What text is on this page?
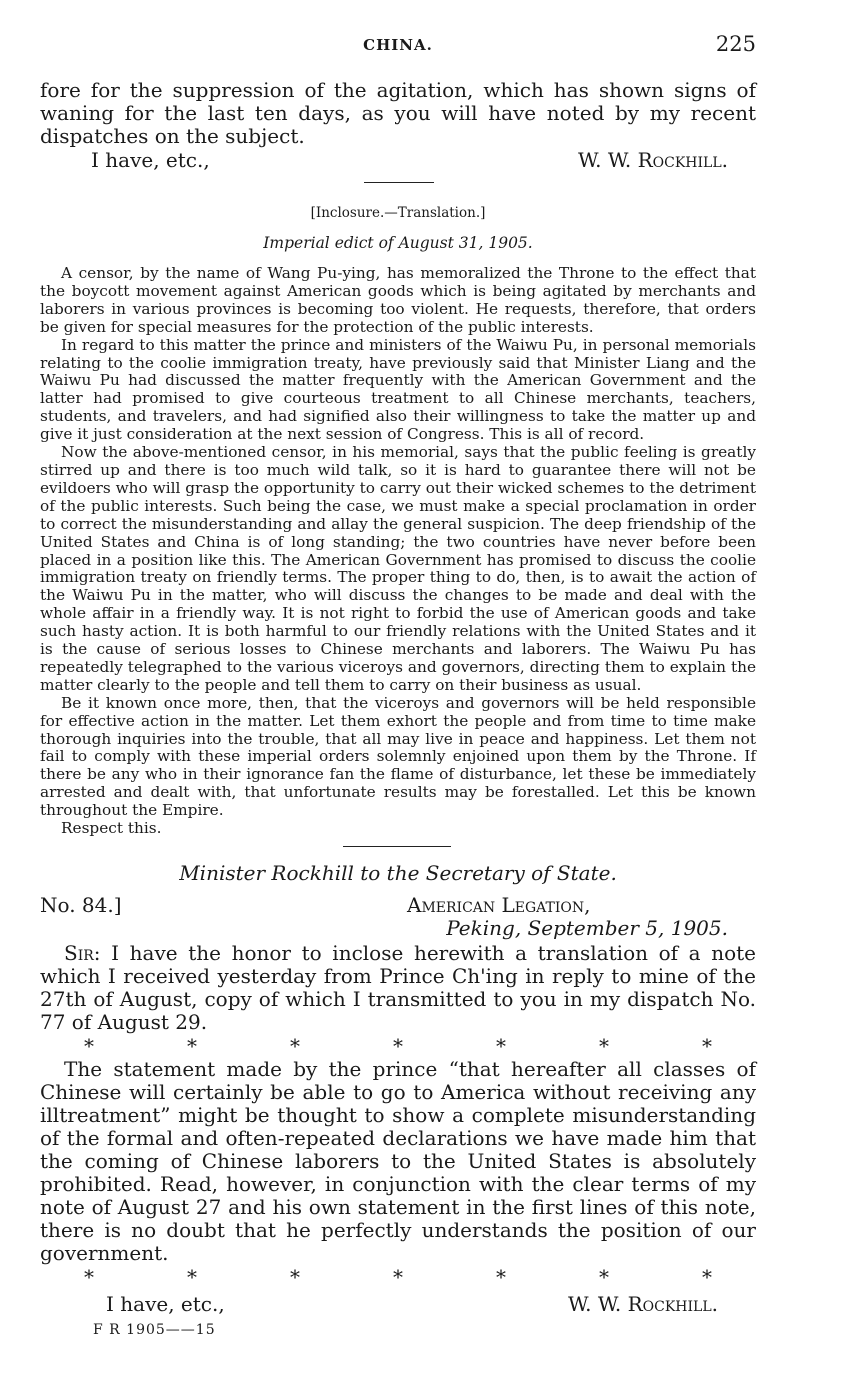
CHINA.	225

fore for the suppression of the agitation, which has shown signs of waning for the last ten days, as you will have noted by my recent dispatches on the subject.

I have, etc.,	W. W. Rockhill.
[Inclosure.—Translation.]
Imperial edict of August 31, 1905.

A censor, by the name of Wang Pu-ying, has memoralized the Throne to the effect that the boycott movement against American goods which is being agitated by merchants and laborers in various provinces is becoming too violent. He requests, therefore, that orders be given for special measures for the protection of the public interests.

In regard to this matter the prince and ministers of the Waiwu Pu, in personal memorials relating to the coolie immigration treaty, have previously said that Minister Liang and the Waiwu Pu had discussed the matter frequently with the American Government and the latter had promised to give courteous treatment to all Chinese merchants, teachers, students, and travelers, and had signified also their willingness to take the matter up and give it just consideration at the next session of Congress. This is all of record.

Now the above-mentioned censor, in his memorial, says that the public feeling is greatly stirred up and there is too much wild talk, so it is hard to guarantee there will not be evildoers who will grasp the opportunity to carry out their wicked schemes to the detriment of the public interests. Such being the case, we must make a special proclamation in order to correct the misunderstanding and allay the general suspicion. The deep friendship of the United States and China is of long standing; the two countries have never before been placed in a position like this. The American Government has promised to discuss the coolie immigration treaty on friendly terms. The proper thing to do, then, is to await the action of the Waiwu Pu in the matter, who will discuss the changes to be made and deal with the whole affair in a friendly way. It is not right to forbid the use of American goods and take such hasty action. It is both harmful to our friendly relations with the United States and it is the cause of serious losses to Chinese merchants and laborers. The Waiwu Pu has repeatedly telegraphed to the various viceroys and governors, directing them to explain the matter clearly to the people and tell them to carry on their business as usual.

Be it known once more, then, that the viceroys and governors will be held responsible for effective action in the matter. Let them exhort the people and from time to time make thorough inquiries into the trouble, that all may live in peace and happiness. Let them not fail to comply with these imperial orders solemnly enjoined upon them by the Throne. If there be any who in their ignorance fan the flame of disturbance, let these be immediately arrested and dealt with, that unfortunate results may be forestalled. Let this be known throughout the Empire.

Respect this.

Minister Rockhill to the Secretary of State.
No. 84.]	American Legation,
Peking, September 5, 1905.

Sir: I have the honor to inclose herewith a translation of a note which I received yesterday from Prince Ch'ing in reply to mine of the 27th of August, copy of which I transmitted to you in my dispatch No. 77 of August 29.

*	*	*	*	*	*	*

The statement made by the prince “that hereafter all classes of Chinese will certainly be able to go to America without receiving any illtreatment” might be thought to show a complete misunderstanding of the formal and often-repeated declarations we have made him that the coming of Chinese laborers to the United States is absolutely prohibited. Read, however, in conjunction with the clear terms of my note of August 27 and his own statement in the first lines of this note, there is no doubt that he perfectly understands the position of our government.

*	*	*	*	*	*	*
I have, etc.,	W. W. Rockhill.
F R 1905——15
